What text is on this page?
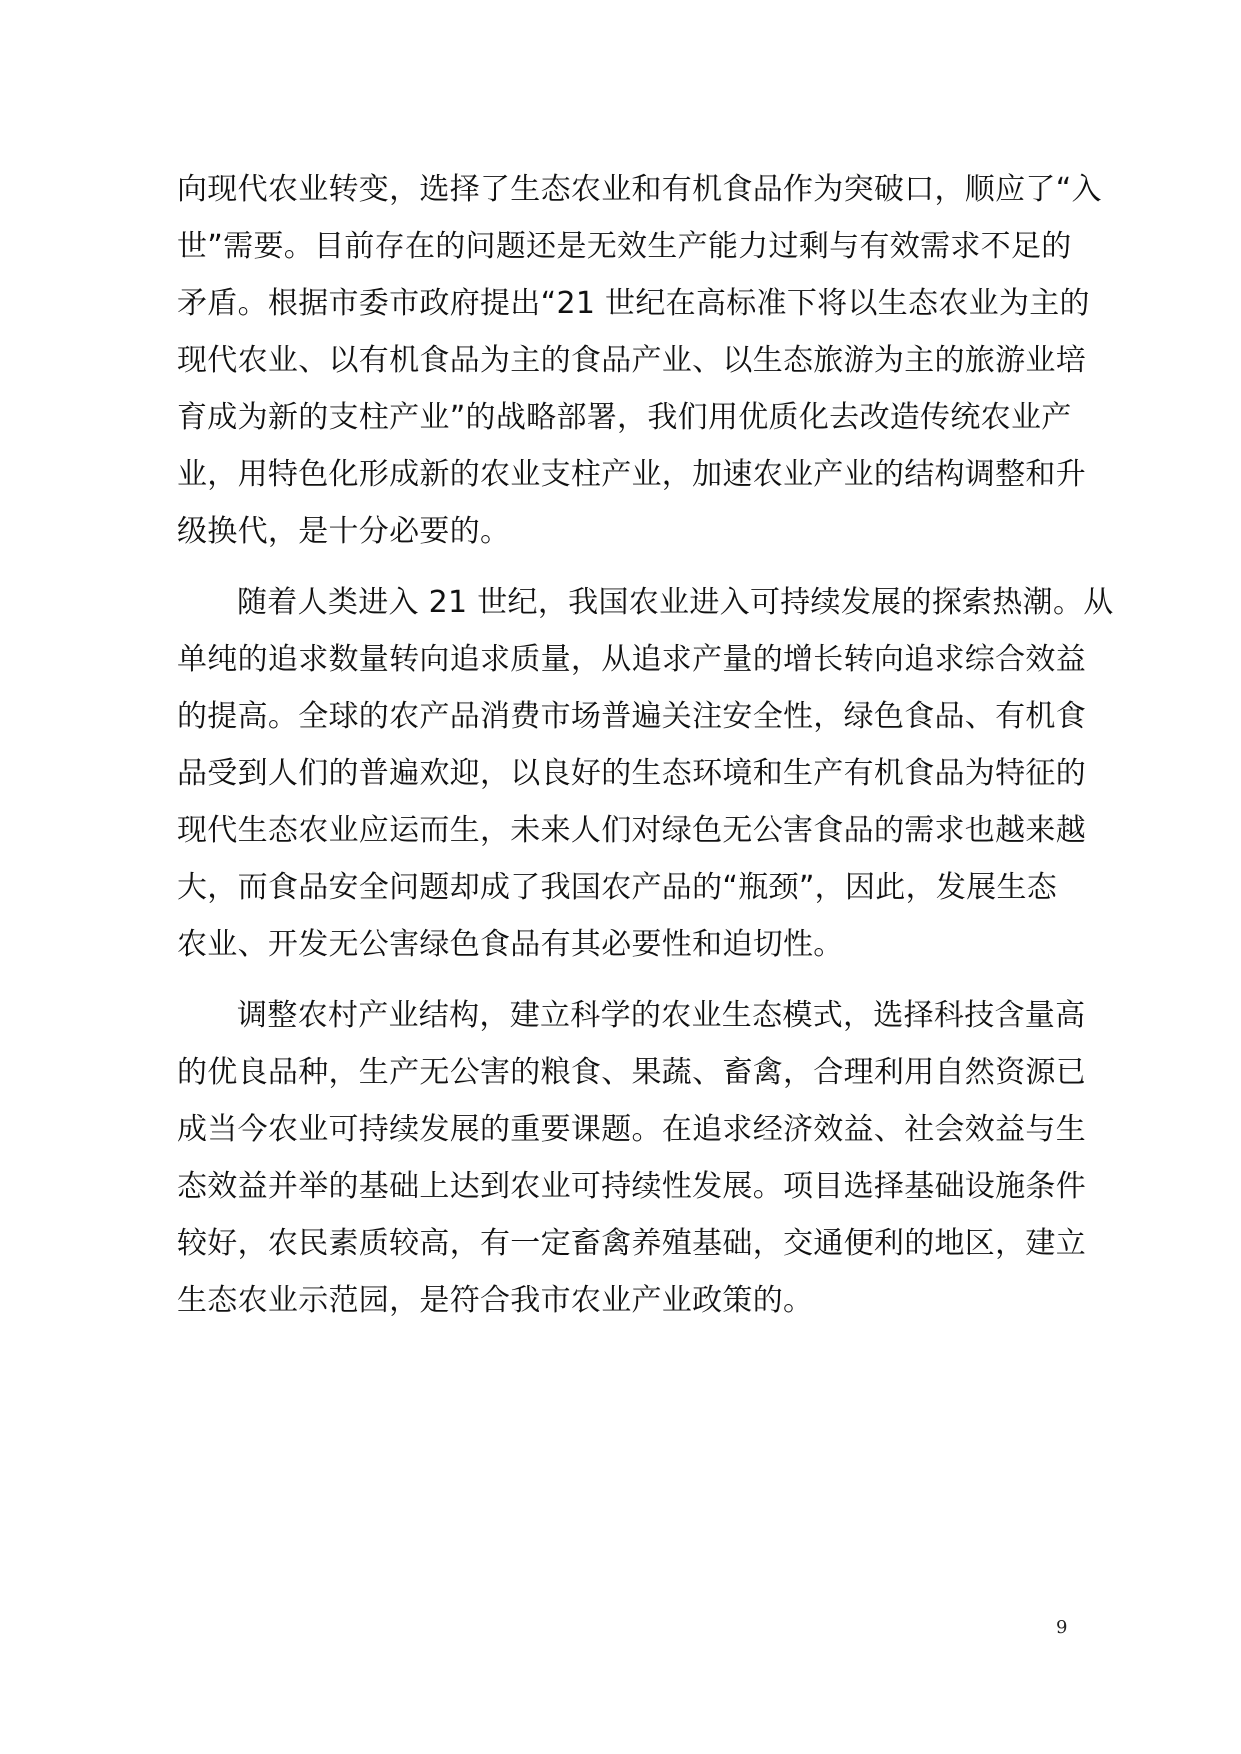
向现代农业转变，选择了生态农业和有机食品作为突破口，顺应了“入
世”需要。目前存在的问题还是无效生产能力过剩与有效需求不足的
矛盾。根据市委市政府提出“21 世纪在高标准下将以生态农业为主的
现代农业、以有机食品为主的食品产业、以生态旅游为主的旅游业培
育成为新的支柱产业”的战略部署，我们用优质化去改造传统农业产
业，用特色化形成新的农业支柱产业，加速农业产业的结构调整和升
级换代，是十分必要的。
随着人类进入 21 世纪，我国农业进入可持续发展的探索热潮。从
单纯的追求数量转向追求质量，从追求产量的增长转向追求综合效益
的提高。全球的农产品消费市场普遍关注安全性，绿色食品、有机食
品受到人们的普遍欢迎，以良好的生态环境和生产有机食品为特征的
现代生态农业应运而生，未来人们对绿色无公害食品的需求也越来越
大，而食品安全问题却成了我国农产品的“瓶颈”，因此，发展生态
农业、开发无公害绿色食品有其必要性和迫切性。
调整农村产业结构，建立科学的农业生态模式，选择科技含量高
的优良品种，生产无公害的粮食、果蔬、畜禽，合理利用自然资源已
成当今农业可持续发展的重要课题。在追求经济效益、社会效益与生
态效益并举的基础上达到农业可持续性发展。项目选择基础设施条件
较好，农民素质较高，有一定畜禽养殖基础，交通便利的地区，建立
生态农业示范园，是符合我市农业产业政策的。
9
